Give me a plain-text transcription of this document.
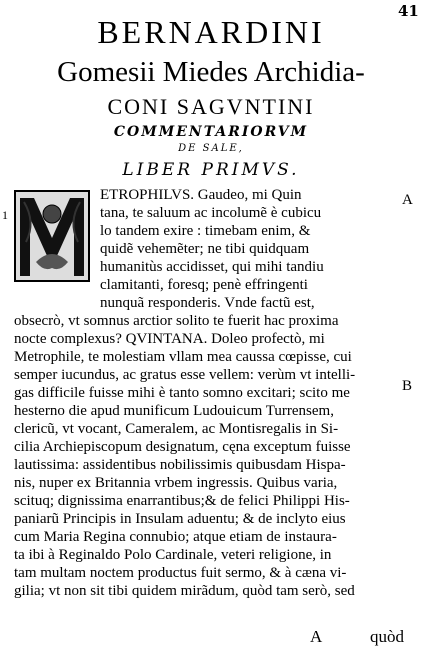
41
BERNARDINI
Gomesii Miedes Archidia-
CONI SAGVNTINI
COMMENTARIORVM
DE SALE,
LIBER PRIMVS.
A
1
B
ETROPHILVS. Gaudeo, mi Quin
tana, te saluum ac incolumẽ è cubicu
lo tandem exire : timebam enim, &
quidẽ vehemẽter; ne tibi quidquam
humanitùs accidisset, qui mihi tandiu
clamitanti, foresq; penè effringenti
nunquã responderis. Vnde factũ est,
obsecrò, vt somnus arctior solito te fuerit hac proxima
nocte complexus? QVINTANA. Doleo profectò, mi
Metrophile, te molestiam vllam mea caussa cœpisse, cui
semper iucundus, ac gratus esse vellem: verùm vt intelli-
gas difficile fuisse mihi è tanto somno excitari; scito me
hesterno die apud munificum Ludouicum Turrensem,
clericũ, vt vocant, Cameralem, ac Montisregalis in Si-
cilia Archiepiscopum designatum, cęna exceptum fuisse
lautissima: assidentibus nobilissimis quibusdam Hispa-
nis, nuper ex Britannia vrbem ingressis. Quibus varia,
scituq; dignissima enarrantibus;& de felici Philippi His-
paniarũ Principis in Insulam aduentu; & de inclyto eius
cum Maria Regina connubio; atque etiam de instaura-
ta ibi à Reginaldo Polo Cardinale, veteri religione, in
tam multam noctem productus fuit sermo, & à cæna vi-
gilia; vt non sit tibi quidem mirãdum, quòd tam serò, sed
A	quòd
